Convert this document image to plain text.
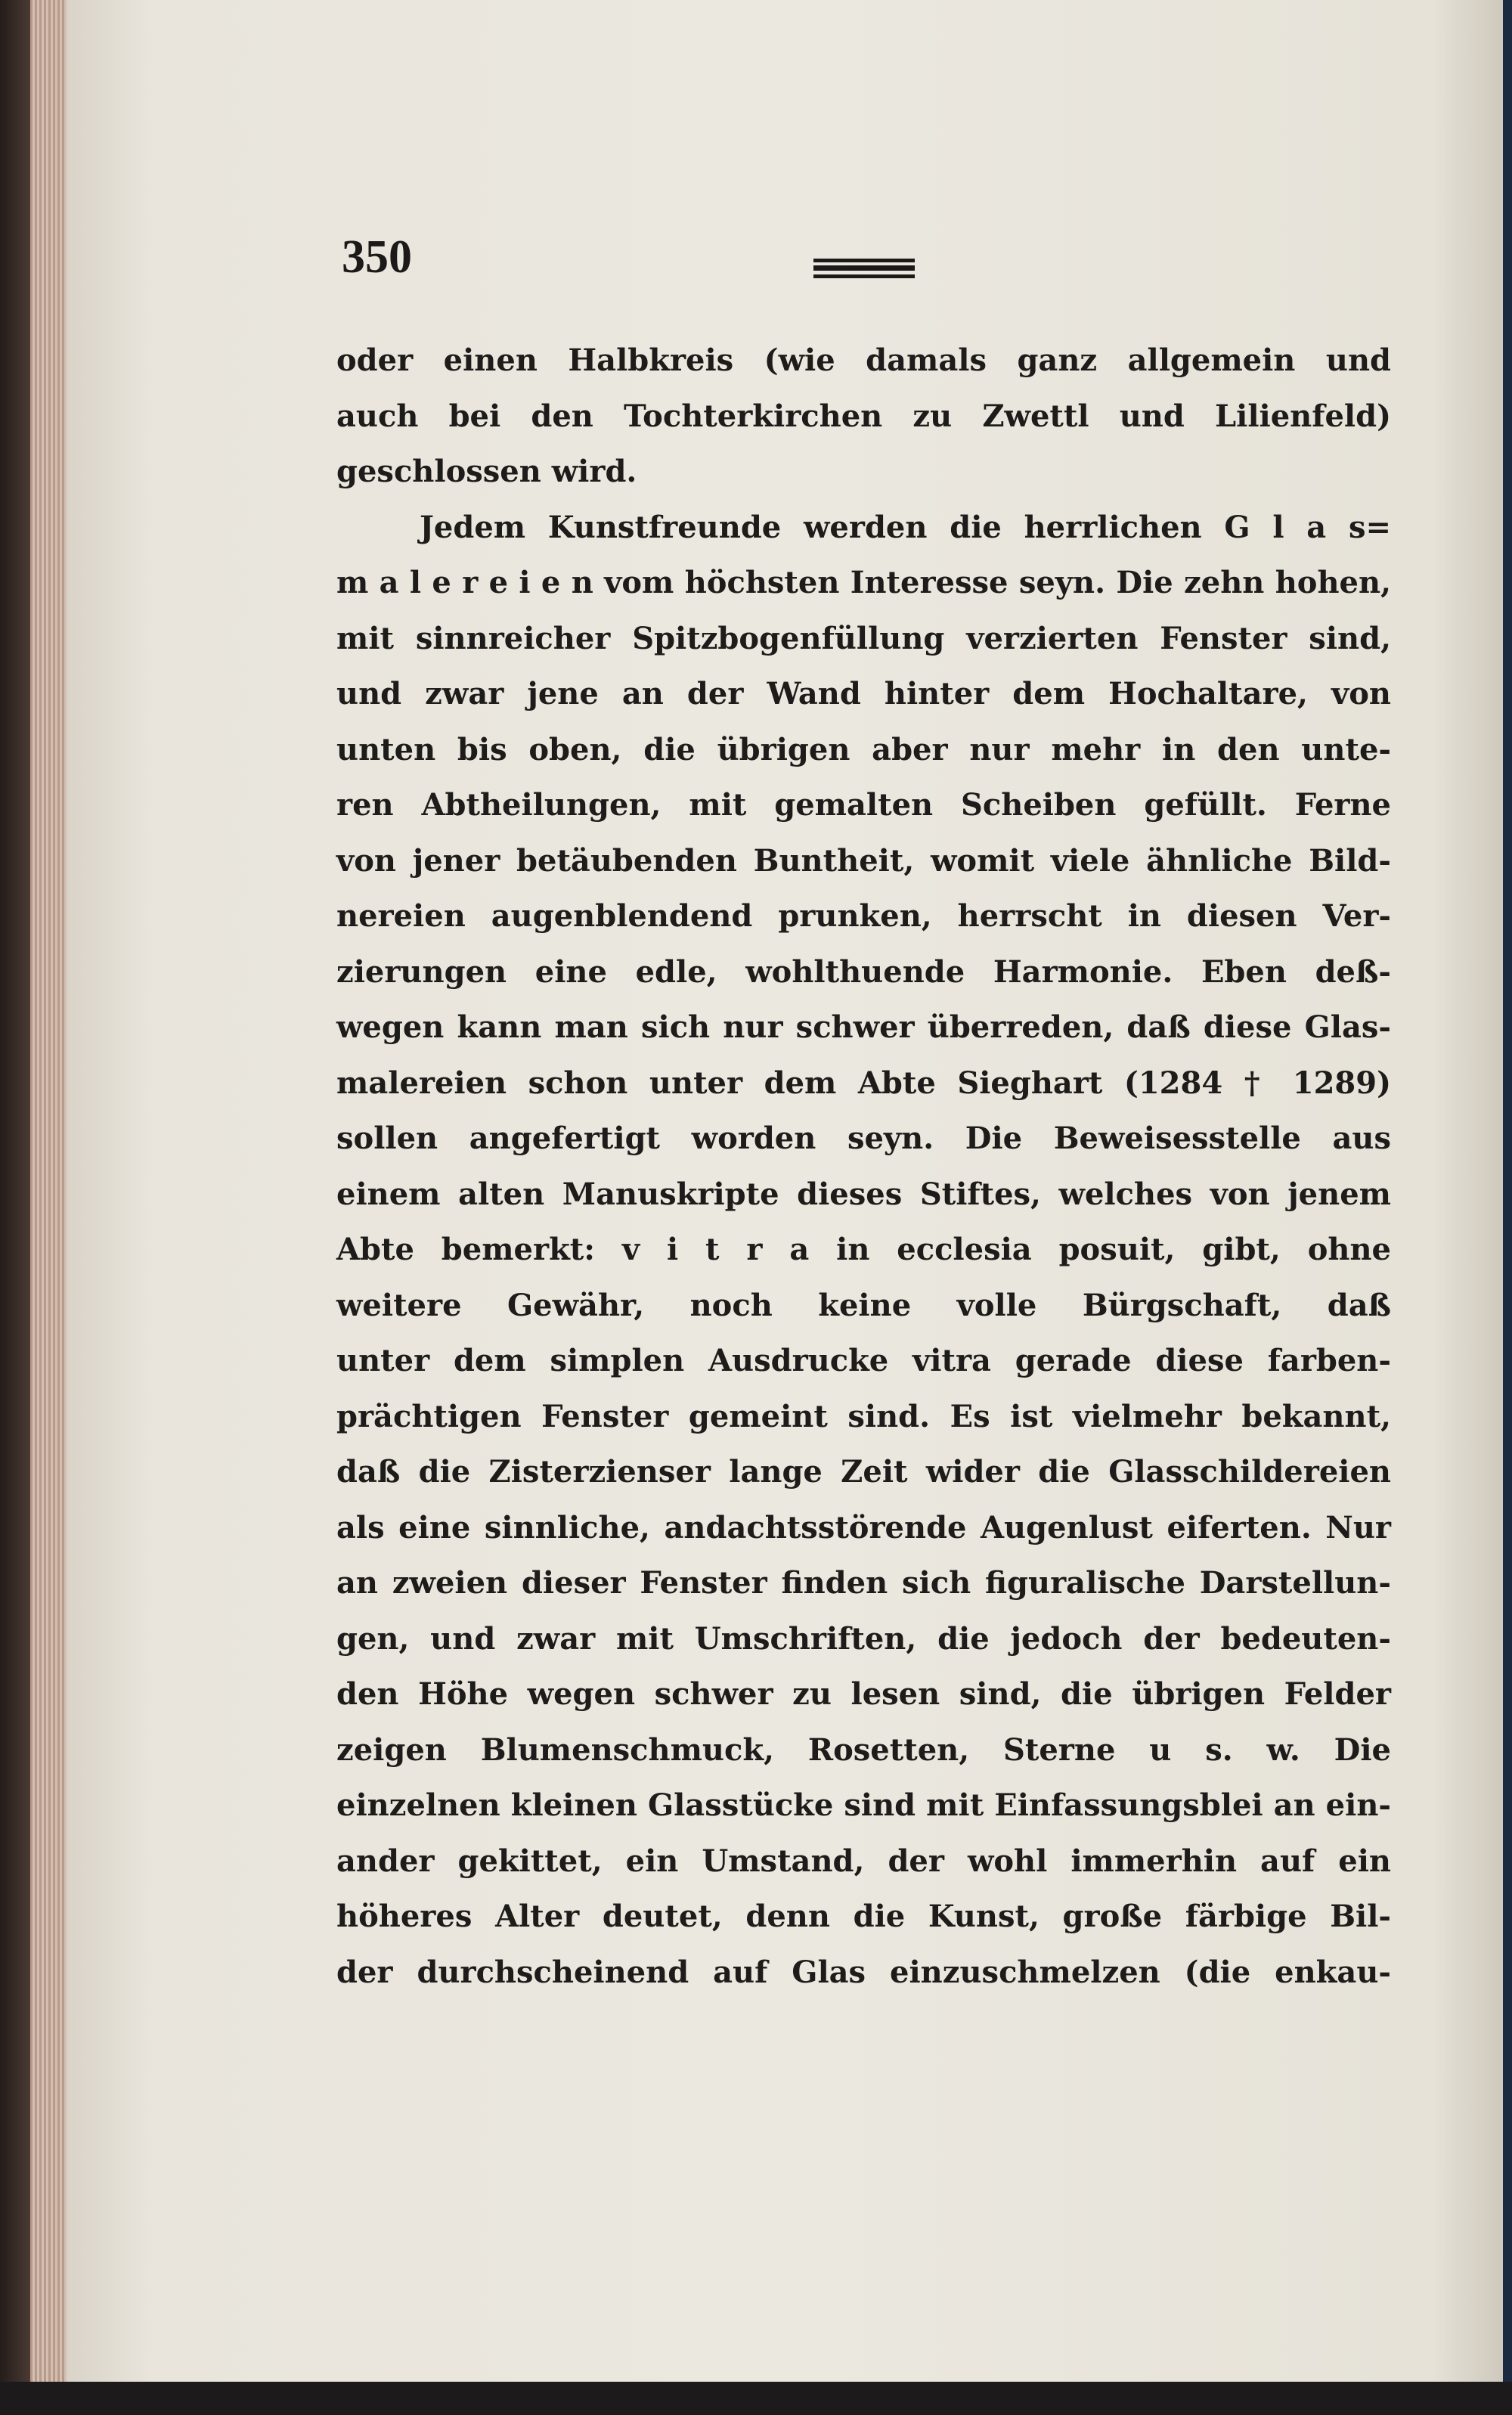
350
oder einen Halbkreis (wie damals ganz allgemein und
auch bei den Tochterkirchen zu Zwettl und Lilienfeld)
geschlossen wird.
Jedem Kunstfreunde werden die herrlichen G l a s=
m a l e r e i e n vom höchsten Interesse seyn. Die zehn hohen,
mit sinnreicher Spitzbogenfüllung verzierten Fenster sind,
und zwar jene an der Wand hinter dem Hochaltare, von
unten bis oben, die übrigen aber nur mehr in den unte-
ren Abtheilungen, mit gemalten Scheiben gefüllt. Ferne
von jener betäubenden Buntheit, womit viele ähnliche Bild-
nereien augenblendend prunken, herrscht in diesen Ver-
zierungen eine edle, wohlthuende Harmonie. Eben deß-
wegen kann man sich nur schwer überreden, daß diese Glas-
malereien schon unter dem Abte Sieghart (1284 † 1289)
sollen angefertigt worden seyn. Die Beweisesstelle aus
einem alten Manuskripte dieses Stiftes, welches von jenem
Abte bemerkt: v i t r a in ecclesia posuit, gibt, ohne
weitere Gewähr, noch keine volle Bürgschaft, daß
unter dem simplen Ausdrucke vitra gerade diese farben-
prächtigen Fenster gemeint sind. Es ist vielmehr bekannt,
daß die Zisterzienser lange Zeit wider die Glasschildereien
als eine sinnliche, andachtsstörende Augenlust eiferten. Nur
an zweien dieser Fenster finden sich figuralische Darstellun-
gen, und zwar mit Umschriften, die jedoch der bedeuten-
den Höhe wegen schwer zu lesen sind, die übrigen Felder
zeigen Blumenschmuck, Rosetten, Sterne u s. w. Die
einzelnen kleinen Glasstücke sind mit Einfassungsblei an ein-
ander gekittet, ein Umstand, der wohl immerhin auf ein
höheres Alter deutet, denn die Kunst, große färbige Bil-
der durchscheinend auf Glas einzuschmelzen (die enkau-
